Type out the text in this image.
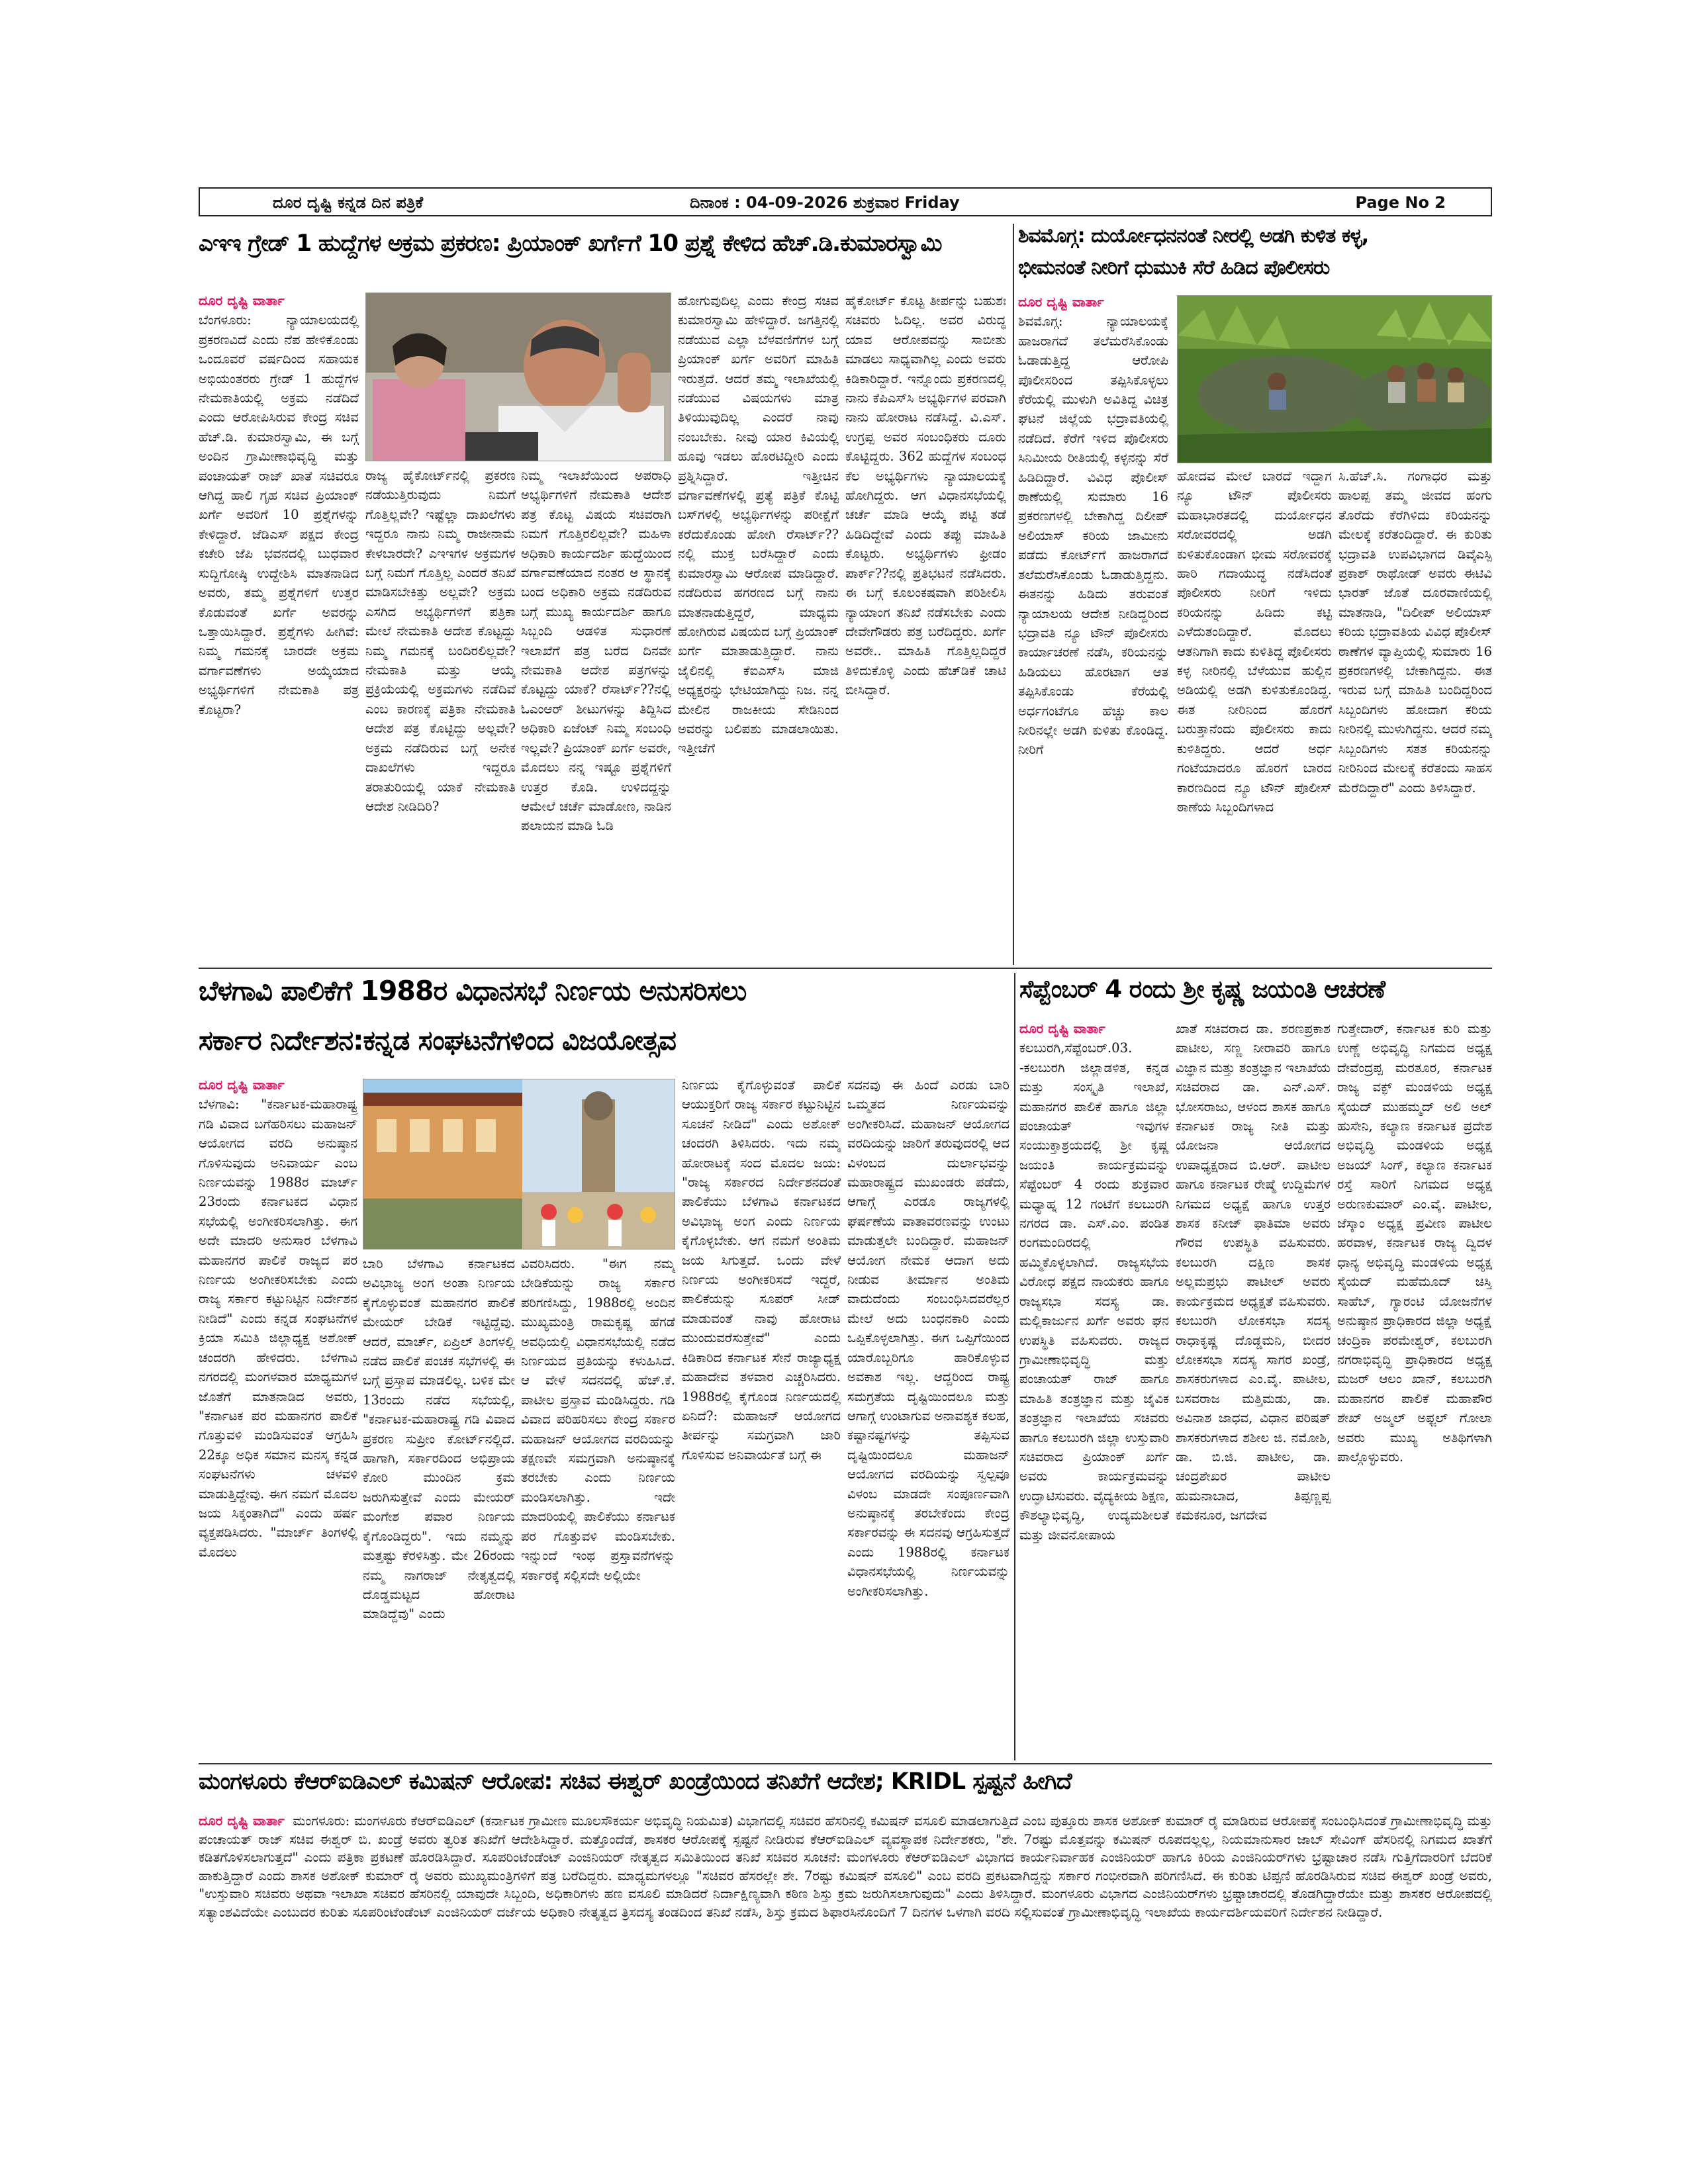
ದೂರ ದೃಷ್ಟಿ ಕನ್ನಡ ದಿನ ಪತ್ರಿಕೆ	ದಿನಾಂಕ : 04-09-2026 ಶುಕ್ರವಾರ Friday	Page No 2
ಎಇಇ ಗ್ರೇಡ್ 1 ಹುದ್ದೆಗಳ ಅಕ್ರಮ ಪ್ರಕರಣ: ಪ್ರಿಯಾಂಕ್ ಖರ್ಗೆಗೆ 10 ಪ್ರಶ್ನೆ ಕೇಳಿದ ಹೆಚ್.ಡಿ.ಕುಮಾರಸ್ವಾಮಿ
ದೂರ ದೃಷ್ಟಿ ವಾರ್ತಾ
ಬೆಂಗಳೂರು: ನ್ಯಾಯಾಲಯದಲ್ಲಿ ಪ್ರಕರಣವಿದೆ ಎಂದು ನೆಪ ಹೇಳಿಕೊಂಡು ಒಂದೂವರೆ ವರ್ಷದಿಂದ ಸಹಾಯಕ ಅಭಿಯಂತರರು ಗ್ರೇಡ್ 1 ಹುದ್ದೆಗಳ ನೇಮಕಾತಿಯಲ್ಲಿ ಅಕ್ರಮ ನಡೆದಿದೆ ಎಂದು ಆರೋಪಿಸಿರುವ ಕೇಂದ್ರ ಸಚಿವ ಹೆಚ್.ಡಿ. ಕುಮಾರಸ್ವಾಮಿ, ಈ ಬಗ್ಗೆ ಅಂದಿನ ಗ್ರಾಮೀಣಾಭಿವೃದ್ಧಿ ಮತ್ತು ಪಂಚಾಯತ್ ರಾಜ್ ಖಾತೆ ಸಚಿವರೂ ಆಗಿದ್ದ ಹಾಲಿ ಗೃಹ ಸಚಿವ ಪ್ರಿಯಾಂಕ್ ಖರ್ಗೆ ಅವರಿಗೆ 10 ಪ್ರಶ್ನೆಗಳನ್ನು ಕೇಳಿದ್ದಾರೆ. ಜೆಡಿಎಸ್ ಪಕ್ಷದ ಕೇಂದ್ರ ಕಚೇರಿ ಜೆಪಿ ಭವನದಲ್ಲಿ ಬುಧವಾರ ಸುದ್ದಿಗೋಷ್ಠಿ ಉದ್ದೇಶಿಸಿ ಮಾತನಾಡಿದ ಅವರು, ತಮ್ಮ ಪ್ರಶ್ನೆಗಳಿಗೆ ಉತ್ತರ ಕೊಡುವಂತೆ ಖರ್ಗೆ ಅವರನ್ನು ಒತ್ತಾಯಿಸಿದ್ದಾರೆ. ಪ್ರಶ್ನೆಗಳು ಹೀಗಿವೆ: ನಿಮ್ಮ ಗಮನಕ್ಕೆ ಬಾರದೇ ಅಕ್ರಮ ವರ್ಗಾವಣೆಗಳು ಅಯ್ಕೆಯಾದ ಅಭ್ಯರ್ಥಿಗಳಿಗೆ ನೇಮಕಾತಿ ಪತ್ರ ಕೊಟ್ಟರಾ?
ರಾಜ್ಯ ಹೈಕೋರ್ಟ್‌ನಲ್ಲಿ ಪ್ರಕರಣ ನಡೆಯುತ್ತಿರುವುದು ನಿಮಗೆ ಗೊತ್ತಿಲ್ಲವೇ? ಇಷ್ಟೆಲ್ಲಾ ದಾಖಲೆಗಳು ಇದ್ದರೂ ನಾನು ನಿಮ್ಮ ರಾಜೀನಾಮೆ ಕೇಳಬಾರದೇ? ಎಇಇಗಳ ಅಕ್ರಮಗಳ ಬಗ್ಗೆ ನಿಮಗೆ ಗೊತ್ತಿಲ್ಲ ಎಂದರೆ ತನಿಖೆ ಮಾಡಿಸಬೇಕಿತ್ತು ಅಲ್ಲವೇ? ಅಕ್ರಮ ಎಸಗಿದ ಅಭ್ಯರ್ಥಿಗಳಿಗೆ ಪತ್ರಿಕಾ ಮೇಲೆ ನೇಮಕಾತಿ ಆದೇಶ ಕೊಟ್ಟದ್ದು ನಿಮ್ಮ ಗಮನಕ್ಕೆ ಬಂದಿರಲಿಲ್ಲವೇ? ನೇಮಕಾತಿ ಮತ್ತು ಆಯ್ಕೆ ಪ್ರಕ್ರಿಯೆಯಲ್ಲಿ ಅಕ್ರಮಗಳು ನಡೆದಿವೆ ಎಂಬ ಕಾರಣಕ್ಕೆ ಪತ್ರಿಕಾ ನೇಮಕಾತಿ ಆದೇಶ ಪತ್ರ ಕೊಟ್ಟಿದ್ದು ಅಲ್ಲವೇ? ಅಕ್ರಮ ನಡೆದಿರುವ ಬಗ್ಗೆ ಅನೇಕ ದಾಖಲೆಗಳು ಇದ್ದರೂ ತರಾತುರಿಯಲ್ಲಿ ಯಾಕೆ ನೇಮಕಾತಿ ಆದೇಶ ನೀಡಿದಿರಿ?
ನಿಮ್ಮ ಇಲಾಖೆಯಿಂದ ಅಪರಾಧಿ ಅಭ್ಯರ್ಥಿಗಳಿಗೆ ನೇಮಕಾತಿ ಆದೇಶ ಪತ್ರ ಕೊಟ್ಟ ವಿಷಯ ಸಚಿವರಾಗಿ ನಿಮಗೆ ಗೊತ್ತಿರಲಿಲ್ಲವೇ? ಮಹಿಳಾ ಅಧಿಕಾರಿ ಕಾರ್ಯದರ್ಶಿ ಹುದ್ದೆಯಿಂದ ವರ್ಗಾವಣೆಯಾದ ನಂತರ ಆ ಸ್ಥಾನಕ್ಕೆ ಬಂದ ಅಧಿಕಾರಿ ಅಕ್ರಮ ನಡೆದಿರುವ ಬಗ್ಗೆ ಮುಖ್ಯ ಕಾರ್ಯದರ್ಶಿ ಹಾಗೂ ಸಿಬ್ಬಂದಿ ಆಡಳಿತ ಸುಧಾರಣೆ ಇಲಾಖೆಗೆ ಪತ್ರ ಬರೆದ ದಿನವೇ ನೇಮಕಾತಿ ಆದೇಶ ಪತ್ರಗಳನ್ನು ಕೊಟ್ಟದ್ದು ಯಾಕೆ? ರೆಸಾರ್ಟ್??ನಲ್ಲಿ ಓಎಂಆರ್ ಶೀಟುಗಳನ್ನು ತಿದ್ದಿಸಿದ ಅಧಿಕಾರಿ ಏಜೆಂಟ್ ನಿಮ್ಮ ಸಂಬಂಧಿ ಇಲ್ಲವೇ? ಪ್ರಿಯಾಂಕ್ ಖರ್ಗೆ ಅವರೇ, ಮೊದಲು ನನ್ನ ಇಷ್ಟೂ ಪ್ರಶ್ನೆಗಳಿಗೆ ಉತ್ತರ ಕೊಡಿ. ಉಳಿದದ್ದನ್ನು ಆಮೇಲೆ ಚರ್ಚೆ ಮಾಡೋಣ, ನಾಡಿನ ಪಲಾಯನ ಮಾಡಿ ಓಡಿ
ಹೋಗುವುದಿಲ್ಲ ಎಂದು ಕೇಂದ್ರ ಸಚಿವ ಕುಮಾರಸ್ವಾಮಿ ಹೇಳಿದ್ದಾರೆ. ಜಗತ್ತಿನಲ್ಲಿ ನಡೆಯುವ ಎಲ್ಲಾ ಬೆಳವಣಿಗೆಗಳ ಬಗ್ಗೆ ಪ್ರಿಯಾಂಕ್ ಖರ್ಗೆ ಅವರಿಗೆ ಮಾಹಿತಿ ಇರುತ್ತದೆ. ಆದರೆ ತಮ್ಮ ಇಲಾಖೆಯಲ್ಲಿ ನಡೆಯುವ ವಿಷಯಗಳು ಮಾತ್ರ ತಿಳಿಯುವುದಿಲ್ಲ ಎಂದರೆ ನಾವು ನಂಬಬೇಕು. ನೀವು ಯಾರ ಕಿವಿಯಲ್ಲಿ ಹೂವು ಇಡಲು ಹೊರಟಿದ್ದೀರಿ ಎಂದು ಪ್ರಶ್ನಿಸಿದ್ದಾರೆ. ಇತ್ತೀಚಿನ ವರ್ಗಾವಣೆಗಳಲ್ಲಿ ಪ್ರತ್ಯೆ ಪತ್ರಿಕೆ ಕೊಟ್ಟಿ ಬಸ್‌ಗಳಲ್ಲಿ ಅಭ್ಯರ್ಥಿಗಳನ್ನು ಪರೀಕ್ಷೆಗೆ ಕರೆದುಕೊಂಡು ಹೋಗಿ ರೆಸಾರ್ಟ್??ನಲ್ಲಿ ಮುಕ್ತ ಬರೆಸಿದ್ದಾರೆ ಎಂದು ಕುಮಾರಸ್ವಾಮಿ ಆರೋಪ ಮಾಡಿದ್ದಾರೆ. ನಡೆದಿರುವ ಹಗರಣದ ಬಗ್ಗೆ ನಾನು ಮಾತನಾಡುತ್ತಿದ್ದರೆ, ಮಾಧ್ಯಮ ಹೋಗಿರುವ ವಿಷಯದ ಬಗ್ಗೆ ಪ್ರಿಯಾಂಕ್ ಖರ್ಗೆ ಮಾತಾಡುತ್ತಿದ್ದಾರೆ. ನಾನು ಜೈಲಿನಲ್ಲಿ ಕೆಐಎಸ್‌ಸಿ ಮಾಜಿ ಅಧ್ಯಕ್ಷರನ್ನು ಭೇಟಿಯಾಗಿದ್ದು ನಿಜ. ನನ್ನ ಮೇಲಿನ ರಾಜಕೀಯ ಸೇಡಿನಿಂದ ಅವರನ್ನು ಬಲಿಪಶು ಮಾಡಲಾಯಿತು. ಇತ್ತೀಚೆಗೆ
ಹೈಕೋರ್ಟ್ ಕೊಟ್ಟ ತೀರ್ಪನ್ನು ಬಹುಶಃ ಸಚಿವರು ಓದಿಲ್ಲ. ಅವರ ವಿರುದ್ಧ ಯಾವ ಆರೋಪವನ್ನು ಸಾಬೀತು ಮಾಡಲು ಸಾಧ್ಯವಾಗಿಲ್ಲ ಎಂದು ಅವರು ಕಿಡಿಕಾರಿದ್ದಾರೆ. ಇನ್ನೊಂದು ಪ್ರಕರಣದಲ್ಲಿ ನಾನು ಕೆಪಿಎಸ್‌ಸಿ ಅಭ್ಯರ್ಥಿಗಳ ಪರವಾಗಿ ನಾನು ಹೋರಾಟ ನಡೆಸಿದ್ದೆ. ವಿ.ಎಸ್. ಉಗ್ರಪ್ಪ ಅವರ ಸಂಬಂಧಿಕರು ದೂರು ಕೊಟ್ಟಿದ್ದರು. 362 ಹುದ್ದೆಗಳ ಸಂಬಂಧ ಕೆಲ ಅಭ್ಯರ್ಥಿಗಳು ನ್ಯಾಯಾಲಯಕ್ಕೆ ಹೋಗಿದ್ದರು. ಆಗ ವಿಧಾನಸಭೆಯಲ್ಲಿ ಚರ್ಚೆ ಮಾಡಿ ಆಯ್ಕೆ ಪಟ್ಟಿ ತಡೆ ಹಿಡಿದಿದ್ದೇವೆ ಎಂದು ತಪ್ಪು ಮಾಹಿತಿ ಕೊಟ್ಟರು. ಅಭ್ಯರ್ಥಿಗಳು ಫ್ರೀಡಂ ಪಾರ್ಕ್??ನಲ್ಲಿ ಪ್ರತಿಭಟನೆ ನಡೆಸಿದರು. ಈ ಬಗ್ಗೆ ಕೂಲಂಕಷವಾಗಿ ಪರಿಶೀಲಿಸಿ ನ್ಯಾಯಾಂಗ ತನಿಖೆ ನಡೆಸಬೇಕು ಎಂದು ದೇವೇಗೌಡರು ಪತ್ರ ಬರೆದಿದ್ದರು. ಖರ್ಗೆ ಅವರೇ.. ಮಾಹಿತಿ ಗೊತ್ತಿಲ್ಲದಿದ್ದರೆ ತಿಳಿದುಕೊಳ್ಳಿ ಎಂದು ಹೆಚ್‌ಡಿಕೆ ಚಾಟಿ ಬೀಸಿದ್ದಾರೆ.
ಶಿವಮೊಗ್ಗ: ದುರ್ಯೋಧನನಂತೆ ನೀರಲ್ಲಿ ಅಡಗಿ ಕುಳಿತ ಕಳ್ಳ,
ಭೀಮನಂತೆ ನೀರಿಗೆ ಧುಮುಕಿ ಸೆರೆ ಹಿಡಿದ ಪೊಲೀಸರು
ದೂರ ದೃಷ್ಟಿ ವಾರ್ತಾ
ಶಿವಮೊಗ್ಗ: ನ್ಯಾಯಾಲಯಕ್ಕೆ ಹಾಜರಾಗದೆ ತಲೆಮರೆಸಿಕೊಂಡು ಓಡಾಡುತ್ತಿದ್ದ ಆರೋಪಿ ಪೊಲೀಸರಿಂದ ತಪ್ಪಿಸಿಕೊಳ್ಳಲು ಕೆರೆಯಲ್ಲಿ ಮುಳುಗಿ ಅವಿತಿದ್ದ ವಿಚಿತ್ರ ಘಟನೆ ಜಿಲ್ಲೆಯ ಭದ್ರಾವತಿಯಲ್ಲಿ ನಡೆದಿದೆ. ಕೆರೆಗೆ ಇಳಿದ ಪೊಲೀಸರು ಸಿನಿಮೀಯ ರೀತಿಯಲ್ಲಿ ಕಳ್ಳನನ್ನು ಸೆರೆ ಹಿಡಿದಿದ್ದಾರೆ. ವಿವಿಧ ಪೊಲೀಸ್ ಠಾಣೆಯಲ್ಲಿ ಸುಮಾರು 16 ಪ್ರಕರಣಗಳಲ್ಲಿ ಬೇಕಾಗಿದ್ದ ದಿಲೀಪ್ ಅಲಿಯಾಸ್ ಕರಿಯ ಜಾಮೀನು ಪಡೆದು ಕೋರ್ಟ್‌ಗೆ ಹಾಜರಾಗದೆ ತಲೆಮರೆಸಿಕೊಂಡು ಓಡಾಡುತ್ತಿದ್ದನು. ಈತನನ್ನು ಹಿಡಿದು ತರುವಂತೆ ನ್ಯಾಯಾಲಯ ಆದೇಶ ನೀಡಿದ್ದರಿಂದ ಭದ್ರಾವತಿ ನ್ಯೂ ಟೌನ್ ಪೊಲೀಸರು ಕಾರ್ಯಾಚರಣೆ ನಡೆಸಿ, ಕರಿಯನನ್ನು ಹಿಡಿಯಲು ಹೊರಟಾಗ ಆತ ತಪ್ಪಿಸಿಕೊಂಡು ಕೆರೆಯಲ್ಲಿ ಅರ್ಧಗಂಟೆಗೂ ಹೆಚ್ಚು ಕಾಲ ನೀರಿನಲ್ಲೇ ಅಡಗಿ ಕುಳಿತು ಕೊಂಡಿದ್ದ. ನೀರಿಗೆ
ಹೋದವ ಮೇಲೆ ಬಾರದೆ ಇದ್ದಾಗ ನ್ಯೂ ಟೌನ್ ಪೊಲೀಸರು ಮಹಾಭಾರತದಲ್ಲಿ ದುರ್ಯೋಧನ ಸರೋವರದಲ್ಲಿ ಅಡಗಿ ಕುಳಿತುಕೊಂಡಾಗ ಭೀಮ ಸರೋವರಕ್ಕೆ ಹಾರಿ ಗದಾಯುದ್ಧ ನಡೆಸಿದಂತೆ ಪೊಲೀಸರು ನೀರಿಗೆ ಇಳಿದು ಕರಿಯನನ್ನು ಹಿಡಿದು ಕಟ್ಟಿ ಎಳೆದುತಂದಿದ್ದಾರೆ. ಮೊದಲು ಆತನಿಗಾಗಿ ಕಾದು ಕುಳಿತಿದ್ದ ಪೊಲೀಸರು ಕಳ್ಳ ನೀರಿನಲ್ಲಿ ಬೆಳೆಯುವ ಹುಲ್ಲಿನ ಅಡಿಯಲ್ಲಿ ಅಡಗಿ ಕುಳಿತುಕೊಂಡಿದ್ದ. ಈತ ನೀರಿನಿಂದ ಹೊರಗೆ ಬರುತ್ತಾನೆಂದು ಪೊಲೀಸರು ಕಾದು ಕುಳಿತಿದ್ದರು. ಆದರೆ ಅರ್ಧ ಗಂಟೆಯಾದರೂ ಹೊರಗೆ ಬಾರದ ಕಾರಣದಿಂದ ನ್ಯೂ ಟೌನ್ ಪೊಲೀಸ್ ಠಾಣೆಯ ಸಿಬ್ಬಂದಿಗಳಾದ
ಸಿ.ಹೆಚ್.ಸಿ. ಗಂಗಾಧರ ಮತ್ತು ಹಾಲಪ್ಪ ತಮ್ಮ ಜೀವದ ಹಂಗು ತೊರೆದು ಕೆರೆಗಿಳಿದು ಕರಿಯನನ್ನು ಮೇಲಕ್ಕೆ ಕರೆತಂದಿದ್ದಾರೆ. ಈ ಕುರಿತು ಭದ್ರಾವತಿ ಉಪವಿಭಾಗದ ಡಿವೈಎಸ್ಪಿ ಪ್ರಕಾಶ್ ರಾಥೋಡ್ ಅವರು ಈಟಿವಿ ಭಾರತ್ ಜೊತೆ ದೂರವಾಣಿಯಲ್ಲಿ ಮಾತನಾಡಿ, "ದಿಲೀಪ್ ಅಲಿಯಾಸ್ ಕರಿಯ ಭದ್ರಾವತಿಯ ವಿವಿಧ ಪೊಲೀಸ್ ಠಾಣೆಗಳ ವ್ಯಾಪ್ತಿಯಲ್ಲಿ ಸುಮಾರು 16 ಪ್ರಕರಣಗಳಲ್ಲಿ ಬೇಕಾಗಿದ್ದನು. ಈತ ಇರುವ ಬಗ್ಗೆ ಮಾಹಿತಿ ಬಂದಿದ್ದರಿಂದ ಸಿಬ್ಬಂದಿಗಳು ಹೋದಾಗ ಕರಿಯ ನೀರಿನಲ್ಲಿ ಮುಳುಗಿದ್ದನು. ಆದರೆ ನಮ್ಮ ಸಿಬ್ಬಂದಿಗಳು ಸತತ ಕರಿಯನನ್ನು ನೀರಿನಿಂದ ಮೇಲಕ್ಕೆ ಕರೆತಂದು ಸಾಹಸ ಮೆರೆದಿದ್ದಾರೆ" ಎಂದು ತಿಳಿಸಿದ್ದಾರೆ.
ಬೆಳಗಾವಿ ಪಾಲಿಕೆಗೆ 1988ರ ವಿಧಾನಸಭೆ ನಿರ್ಣಯ ಅನುಸರಿಸಲು
ಸರ್ಕಾರ ನಿರ್ದೇಶನ:ಕನ್ನಡ ಸಂಘಟನೆಗಳಿಂದ ವಿಜಯೋತ್ಸವ
ದೂರ ದೃಷ್ಟಿ ವಾರ್ತಾ
ಬೆಳಗಾವಿ: "ಕರ್ನಾಟಕ-ಮಹಾರಾಷ್ಟ್ರ ಗಡಿ ವಿವಾದ ಬಗೆಹರಿಸಲು ಮಹಾಜನ್ ಆಯೋಗದ ವರದಿ ಅನುಷ್ಠಾನ ಗೊಳಿಸುವುದು ಅನಿವಾರ್ಯ ಎಂಬ ನಿರ್ಣಯವನ್ನು 1988ರ ಮಾರ್ಚ್ 23ರಂದು ಕರ್ನಾಟಕದ ವಿಧಾನ ಸಭೆಯಲ್ಲಿ ಅಂಗೀಕರಿಸಲಾಗಿತ್ತು. ಈಗ ಅದೇ ಮಾದರಿ ಅನುಸಾರ ಬೆಳಗಾವಿ ಮಹಾನಗರ ಪಾಲಿಕೆ ರಾಜ್ಯದ ಪರ ನಿರ್ಣಯ ಅಂಗೀಕರಿಸಬೇಕು ಎಂದು ರಾಜ್ಯ ಸರ್ಕಾರ ಕಟ್ಟುನಿಟ್ಟಿನ ನಿರ್ದೇಶನ ನೀಡಿದೆ" ಎಂದು ಕನ್ನಡ ಸಂಘಟನೆಗಳ ಕ್ರಿಯಾ ಸಮಿತಿ ಜಿಲ್ಲಾಧ್ಯಕ್ಷ ಅಶೋಕ್ ಚಂದರಗಿ ಹೇಳಿದರು. ಬೆಳಗಾವಿ ನಗರದಲ್ಲಿ ಮಂಗಳವಾರ ಮಾಧ್ಯಮಗಳ ಜೊತೆಗೆ ಮಾತನಾಡಿದ ಅವರು, "ಕರ್ನಾಟಕ ಪರ ಮಹಾನಗರ ಪಾಲಿಕೆ ಗೊತ್ತುವಳಿ ಮಂಡಿಸುವಂತೆ ಆಗ್ರಹಿಸಿ 22ಕ್ಕೂ ಅಧಿಕ ಸಮಾನ ಮನಸ್ಕ ಕನ್ನಡ ಸಂಘಟನೆಗಳು ಚಳವಳಿ ಮಾಡುತ್ತಿದ್ದೇವು. ಈಗ ನಮಗೆ ಮೊದಲ ಜಯ ಸಿಕ್ಕಂತಾಗಿದೆ" ಎಂದು ಹರ್ಷ ವ್ಯಕ್ತಪಡಿಸಿದರು. "ಮಾರ್ಚ್ ತಿಂಗಳಲ್ಲಿ ಮೊದಲು
ಬಾರಿ ಬೆಳಗಾವಿ ಕರ್ನಾಟಕದ ಅವಿಭಾಜ್ಯ ಅಂಗ ಅಂತಾ ನಿರ್ಣಯ ಕೈಗೊಳ್ಳುವಂತೆ ಮಹಾನಗರ ಪಾಲಿಕೆ ಮೇಯರ್ ಬೇಡಿಕೆ ಇಟ್ಟಿದ್ದೆವು. ಆದರೆ, ಮಾರ್ಚ್, ಏಪ್ರಿಲ್ ತಿಂಗಳಲ್ಲಿ ನಡೆದ ಪಾಲಿಕೆ ಪಂಚಕ ಸಭೆಗಳಲ್ಲಿ ಈ ಬಗ್ಗೆ ಪ್ರಸ್ತಾಪ ಮಾಡಲಿಲ್ಲ. ಬಳಿಕ ಮೇ 13ರಂದು ನಡೆದ ಸಭೆಯಲ್ಲಿ, "ಕರ್ನಾಟಕ-ಮಹಾರಾಷ್ಟ್ರ ಗಡಿ ವಿವಾದ ಪ್ರಕರಣ ಸುಪ್ರೀಂ ಕೋರ್ಟ್‌ನಲ್ಲಿದೆ. ಹಾಗಾಗಿ, ಸರ್ಕಾರದಿಂದ ಅಭಿಪ್ರಾಯ ಕೋರಿ ಮುಂದಿನ ಕ್ರಮ ಜರುಗಿಸುತ್ತೇವೆ ಎಂದು ಮೇಯರ್ ಮಂಗೇಶ ಪವಾರ ನಿರ್ಣಯ ಕೈಗೊಂಡಿದ್ದರು". ಇದು ನಮ್ಮನ್ನು ಮತ್ತಷ್ಟು ಕೆರಳಿಸಿತ್ತು. ಮೇ 26ರಂದು ನಮ್ಮ ನಾಗರಾಜ್ ನೇತೃತ್ವದಲ್ಲಿ ದೊಡ್ಡಮಟ್ಟದ ಹೋರಾಟ ಮಾಡಿದ್ದೆವು" ಎಂದು
ವಿವರಿಸಿದರು. "ಈಗ ನಮ್ಮ ಬೇಡಿಕೆಯನ್ನು ರಾಜ್ಯ ಸರ್ಕಾರ ಪರಿಗಣಿಸಿದ್ದು, 1988ರಲ್ಲಿ ಅಂದಿನ ಮುಖ್ಯಮಂತ್ರಿ ರಾಮಕೃಷ್ಣ ಹೆಗಡೆ ಅವಧಿಯಲ್ಲಿ ವಿಧಾನಸಭೆಯಲ್ಲಿ ನಡೆದ ನಿರ್ಣಯದ ಪ್ರತಿಯನ್ನು ಕಳುಹಿಸಿದೆ. ಆ ವೇಳೆ ಸದನದಲ್ಲಿ ಹೆಚ್.ಕೆ. ಪಾಟೀಲ ಪ್ರಸ್ತಾವ ಮಂಡಿಸಿದ್ದರು. ಗಡಿ ವಿವಾದ ಪರಿಹರಿಸಲು ಕೇಂದ್ರ ಸರ್ಕಾರ ಮಹಾಜನ್ ಆಯೋಗದ ವರದಿಯನ್ನು ತಕ್ಷಣವೇ ಸಮಗ್ರವಾಗಿ ಅನುಷ್ಠಾನಕ್ಕೆ ತರಬೇಕು ಎಂದು ನಿರ್ಣಯ ಮಂಡಿಸಲಾಗಿತ್ತು. ಇದೇ ಮಾದರಿಯಲ್ಲಿ ಪಾಲಿಕೆಯು ಕರ್ನಾಟಕ ಪರ ಗೊತ್ತುವಳಿ ಮಂಡಿಸಬೇಕು. ಇನ್ನುಂದೆ ಇಂಥ ಪ್ರಸ್ತಾವನೆಗಳನ್ನು ಸರ್ಕಾರಕ್ಕೆ ಸಲ್ಲಿಸದೇ ಅಲ್ಲಿಯೇ
ನಿರ್ಣಯ ಕೈಗೊಳ್ಳುವಂತೆ ಪಾಲಿಕೆ ಆಯುಕ್ತರಿಗೆ ರಾಜ್ಯ ಸರ್ಕಾರ ಕಟ್ಟುನಿಟ್ಟಿನ ಸೂಚನೆ ನೀಡಿದೆ" ಎಂದು ಅಶೋಕ್ ಚಂದರಗಿ ತಿಳಿಸಿದರು. ಇದು ನಮ್ಮ ಹೋರಾಟಕ್ಕೆ ಸಂದ ಮೊದಲ ಜಯ: "ರಾಜ್ಯ ಸರ್ಕಾರದ ನಿರ್ದೇಶನದಂತೆ ಪಾಲಿಕೆಯು ಬೆಳಗಾವಿ ಕರ್ನಾಟಕದ ಅವಿಭಾಜ್ಯ ಅಂಗ ಎಂದು ನಿರ್ಣಯ ಕೈಗೊಳ್ಳಬೇಕು. ಆಗ ನಮಗೆ ಅಂತಿಮ ಜಯ ಸಿಗುತ್ತದೆ. ಒಂದು ವೇಳೆ ನಿರ್ಣಯ ಅಂಗೀಕರಿಸದೆ ಇದ್ದರೆ, ಪಾಲಿಕೆಯನ್ನು ಸೂಪರ್ ಸೀಡ್ ಮಾಡುವಂತೆ ನಾವು ಹೋರಾಟ ಮುಂದುವರೆಸುತ್ತೇವೆ" ಎಂದು ಕಿಡಿಕಾರಿದ ಕರ್ನಾಟಕ ಸೇನೆ ರಾಜ್ಯಾಧ್ಯಕ್ಷ ಮಹಾದೇವ ತಳವಾರ ಎಚ್ಚರಿಸಿದರು. 1988ರಲ್ಲಿ ಕೈಗೊಂಡ ನಿರ್ಣಯದಲ್ಲಿ ಏನಿದೆ?: ಮಹಾಜನ್ ಆಯೋಗದ ತೀರ್ಪನ್ನು ಸಮಗ್ರವಾಗಿ ಜಾರಿ ಗೊಳಿಸುವ ಅನಿವಾರ್ಯತೆ ಬಗ್ಗೆ ಈ
ಸದನವು ಈ ಹಿಂದೆ ಎರಡು ಬಾರಿ ಒಮ್ಮತದ ನಿರ್ಣಯವನ್ನು ಅಂಗೀಕರಿಸಿದೆ. ಮಹಾಜನ್ ಆಯೋಗದ ವರದಿಯನ್ನು ಜಾರಿಗೆ ತರುವುದರಲ್ಲಿ ಆದ ವಿಳಂಬದ ದುರ್ಲಾಭವನ್ನು ಮಹಾರಾಷ್ಟ್ರದ ಮುಖಂಡರು ಪಡೆದು, ಆಗಾಗ್ಗೆ ಎರಡೂ ರಾಜ್ಯಗಳಲ್ಲಿ ಘರ್ಷಣೆಯ ವಾತಾವರಣವನ್ನು ಉಂಟು ಮಾಡುತ್ತಲೇ ಬಂದಿದ್ದಾರೆ. ಮಹಾಜನ್ ಆಯೋಗ ನೇಮಕ ಆದಾಗ ಅದು ನೀಡುವ ತೀರ್ಮಾನ ಅಂತಿಮ ವಾದುದೆಂದು ಸಂಬಂಧಿಸಿದವರೆಲ್ಲರ ಮೇಲೆ ಅದು ಬಂಧನಕಾರಿ ಎಂದು ಒಪ್ಪಿಕೊಳ್ಳಲಾಗಿತ್ತು. ಈಗ ಒಪ್ಪಿಗೆಯಿಂದ ಯಾರೊಬ್ಬರಿಗೂ ಹಾರಿಕೊಳ್ಳುವ ಅವಕಾಶ ಇಲ್ಲ. ಆದ್ದರಿಂದ ರಾಷ್ಟ್ರ ಸಮಗ್ರತೆಯ ದೃಷ್ಟಿಯಿಂದಲೂ ಮತ್ತು ಆಗಾಗ್ಗೆ ಉಂಟಾಗುವ ಅನಾವಶ್ಯಕ ಕಲಹ, ಕಷ್ಟಾನಷ್ಟಗಳನ್ನು ತಪ್ಪಿಸುವ ದೃಷ್ಟಿಯಿಂದಲೂ ಮಹಾಜನ್ ಆಯೋಗದ ವರದಿಯನ್ನು ಸ್ವಲ್ಪವೂ ವಿಳಂಬ ಮಾಡದೇ ಸಂಪೂರ್ಣವಾಗಿ ಅನುಷ್ಠಾನಕ್ಕೆ ತರಬೇಕೆಂದು ಕೇಂದ್ರ ಸರ್ಕಾರವನ್ನು ಈ ಸದನವು ಆಗ್ರಹಿಸುತ್ತದೆ ಎಂದು 1988ರಲ್ಲಿ ಕರ್ನಾಟಕ ವಿಧಾನಸಭೆಯಲ್ಲಿ ನಿರ್ಣಯವನ್ನು ಅಂಗೀಕರಿಸಲಾಗಿತ್ತು.
ಸೆಪ್ಟೆಂಬರ್ 4 ರಂದು ಶ್ರೀ ಕೃಷ್ಣ ಜಯಂತಿ ಆಚರಣೆ
ದೂರ ದೃಷ್ಟಿ ವಾರ್ತಾ
ಕಲಬುರಗಿ,ಸೆಪ್ಟೆಂಬರ್.03. -ಕಲಬುರಗಿ ಜಿಲ್ಲಾಡಳಿತ, ಕನ್ನಡ ಮತ್ತು ಸಂಸ್ಕೃತಿ ಇಲಾಖೆ, ಮಹಾನಗರ ಪಾಲಿಕೆ ಹಾಗೂ ಜಿಲ್ಲಾ ಪಂಚಾಯತ್ ಇವುಗಳ ಸಂಯುಕ್ತಾಶ್ರಯದಲ್ಲಿ ಶ್ರೀ ಕೃಷ್ಣ ಜಯಂತಿ ಕಾರ್ಯಕ್ರಮವನ್ನು ಸೆಪ್ಟೆಂಬರ್ 4 ರಂದು ಶುಕ್ರವಾರ ಮಧ್ಯಾಹ್ನ 12 ಗಂಟೆಗೆ ಕಲಬುರಗಿ ನಗರದ ಡಾ. ಎಸ್.ಎಂ. ಪಂಡಿತ ರಂಗಮಂದಿರದಲ್ಲಿ ಹಮ್ಮಿಕೊಳ್ಳಲಾಗಿದೆ. ರಾಜ್ಯಸಭೆಯ ವಿರೋಧ ಪಕ್ಷದ ನಾಯಕರು ಹಾಗೂ ರಾಜ್ಯಸಭಾ ಸದಸ್ಯ ಡಾ. ಮಲ್ಲಿಕಾರ್ಜುನ ಖರ್ಗೆ ಅವರು ಘನ ಉಪಸ್ಥಿತಿ ವಹಿಸುವರು. ರಾಜ್ಯದ ಗ್ರಾಮೀಣಾಭಿವೃದ್ಧಿ ಮತ್ತು ಪಂಚಾಯತ್ ರಾಜ್ ಹಾಗೂ ಮಾಹಿತಿ ತಂತ್ರಜ್ಞಾನ ಮತ್ತು ಜೈವಿಕ ತಂತ್ರಜ್ಞಾನ ಇಲಾಖೆಯ ಸಚಿವರು ಹಾಗೂ ಕಲಬುರಗಿ ಜಿಲ್ಲಾ ಉಸ್ತುವಾರಿ ಸಚಿವರಾದ ಪ್ರಿಯಾಂಕ್ ಖರ್ಗೆ ಅವರು ಕಾರ್ಯಕ್ರಮವನ್ನು ಉದ್ಘಾಟಿಸುವರು. ವೈದ್ಯಕೀಯ ಶಿಕ್ಷಣ, ಕೌಶಲ್ಯಾಭಿವೃದ್ಧಿ, ಉದ್ಯಮಶೀಲತೆ ಮತ್ತು ಜೀವನೋಪಾಯ
ಖಾತೆ ಸಚಿವರಾದ ಡಾ. ಶರಣಪ್ರಕಾಶ ಪಾಟೀಲ, ಸಣ್ಣ ನೀರಾವರಿ ಹಾಗೂ ವಿಜ್ಞಾನ ಮತ್ತು ತಂತ್ರಜ್ಞಾನ ಇಲಾಖೆಯ ಸಚಿವರಾದ ಡಾ. ಎನ್.ಎಸ್. ಭೋಸರಾಜು, ಆಳಂದ ಶಾಸಕ ಹಾಗೂ ಕರ್ನಾಟಕ ರಾಜ್ಯ ನೀತಿ ಮತ್ತು ಯೋಜನಾ ಆಯೋಗದ ಉಪಾಧ್ಯಕ್ಷರಾದ ಬಿ.ಆರ್. ಪಾಟೀಲ ಹಾಗೂ ಕರ್ನಾಟಕ ರೇಷ್ಮೆ ಉದ್ದಿಮೆಗಳ ನಿಗಮದ ಅಧ್ಯಕ್ಷೆ ಹಾಗೂ ಉತ್ತರ ಶಾಸಕ ಕನೀಜ್ ಫಾತಿಮಾ ಅವರು ಗೌರವ ಉಪಸ್ಥಿತಿ ವಹಿಸುವರು. ಕಲಬುರಗಿ ದಕ್ಷಿಣ ಶಾಸಕ ಅಲ್ಲಮಪ್ರಭು ಪಾಟೀಲ್ ಅವರು ಕಾರ್ಯಕ್ರಮದ ಅಧ್ಯಕ್ಷತೆ ವಹಿಸುವರು. ಕಲಬುರಗಿ ಲೋಕಸಭಾ ಸದಸ್ಯ ರಾಧಾಕೃಷ್ಣ ದೊಡ್ಡಮನಿ, ಬೀದರ ಲೋಕಸಭಾ ಸದಸ್ಯ ಸಾಗರ ಖಂಡ್ರೆ, ಶಾಸಕರುಗಳಾದ ಎಂ.ವೈ. ಪಾಟೀಲ, ಬಸವರಾಜ ಮತ್ತಿಮಡು, ಡಾ. ಅವಿನಾಶ ಜಾಧವ, ವಿಧಾನ ಪರಿಷತ್ ಶಾಸಕರುಗಳಾದ ಶಶೀಲ ಜಿ. ನಮೋಶಿ, ಡಾ. ಬಿ.ಜಿ. ಪಾಟೀಲ, ಡಾ. ಚಂದ್ರಶೇಖರ ಪಾಟೀಲ ಹುಮನಾಬಾದ, ತಿಪ್ಪಣ್ಣಪ್ಪ ಕಮಕನೂರ, ಜಗದೇವ
ಗುತ್ತೇದಾರ್, ಕರ್ನಾಟಕ ಕುರಿ ಮತ್ತು ಉಣ್ಣೆ ಅಭಿವೃದ್ಧಿ ನಿಗಮದ ಅಧ್ಯಕ್ಷ ದೇವೆಂದ್ರಪ್ಪ ಮರತೂರ, ಕರ್ನಾಟಕ ರಾಜ್ಯ ವಕ್ಫ್ ಮಂಡಳಿಯ ಅಧ್ಯಕ್ಷ ಸೈಯದ್ ಮುಹಮ್ಮದ್ ಅಲಿ ಅಲ್ ಹುಸೇನಿ, ಕಲ್ಯಾಣ ಕರ್ನಾಟಕ ಪ್ರದೇಶ ಅಭಿವೃದ್ಧಿ ಮಂಡಳಿಯ ಅಧ್ಯಕ್ಷ ಅಜಯ್ ಸಿಂಗ್, ಕಲ್ಯಾಣ ಕರ್ನಾಟಕ ರಸ್ತೆ ಸಾರಿಗೆ ನಿಗಮದ ಅಧ್ಯಕ್ಷ ಅರುಣಕುಮಾರ್ ಎಂ.ವೈ. ಪಾಟೀಲ, ಜೆಸ್ಕಾಂ ಅಧ್ಯಕ್ಷ ಪ್ರವೀಣ ಪಾಟೀಲ ಹರವಾಳ, ಕರ್ನಾಟಕ ರಾಜ್ಯ ದ್ವಿದಳ ಧಾನ್ಯ ಅಭಿವೃದ್ಧಿ ಮಂಡಳಿಯ ಅಧ್ಯಕ್ಷ ಸೈಯದ್ ಮಹೆಮೂದ್ ಚಿಸ್ತಿ ಸಾಹೆಬ್, ಗ್ಯಾರಂಟಿ ಯೋಜನೆಗಳ ಅನುಷ್ಠಾನ ಪ್ರಾಧಿಕಾರದ ಜಿಲ್ಲಾ ಅಧ್ಯಕ್ಷೆ ಚಂದ್ರಿಕಾ ಪರಮೇಶ್ವರ್, ಕಲಬುರಗಿ ನಗರಾಭಿವೃದ್ಧಿ ಪ್ರಾಧಿಕಾರದ ಅಧ್ಯಕ್ಷ ಮಜರ್ ಆಲಂ ಖಾನ್, ಕಲಬುರಗಿ ಮಹಾನಗರ ಪಾಲಿಕೆ ಮಹಾಪೌರ ಶೇಖ್ ಅಜ್ಮಲ್ ಅಫ್ಜಲ್ ಗೋಲಾ ಅವರು ಮುಖ್ಯ ಅತಿಥಿಗಳಾಗಿ ಪಾಲ್ಗೊಳ್ಳುವರು.
ಮಂಗಳೂರು ಕೆಆರ್‌ಐಡಿಎಲ್ ಕಮಿಷನ್ ಆರೋಪ: ಸಚಿವ ಈಶ್ವರ್ ಖಂಡ್ರೆಯಿಂದ ತನಿಖೆಗೆ ಆದೇಶ; KRIDL ಸ್ಪಷ್ಟನೆ ಹೀಗಿದೆ
ದೂರ ದೃಷ್ಟಿ ವಾರ್ತಾ ಮಂಗಳೂರು: ಮಂಗಳೂರು ಕೆಆರ್‌ಐಡಿಎಲ್ (ಕರ್ನಾಟಕ ಗ್ರಾಮೀಣ ಮೂಲಸೌಕರ್ಯ ಅಭಿವೃದ್ಧಿ ನಿಯಮಿತ) ವಿಭಾಗದಲ್ಲಿ ಸಚಿವರ ಹೆಸರಿನಲ್ಲಿ ಕಮಿಷನ್ ವಸೂಲಿ ಮಾಡಲಾಗುತ್ತಿದೆ ಎಂಬ ಪುತ್ತೂರು ಶಾಸಕ ಅಶೋಕ್ ಕುಮಾರ್ ರೈ ಮಾಡಿರುವ ಆರೋಪಕ್ಕೆ ಸಂಬಂಧಿಸಿದಂತೆ ಗ್ರಾಮೀಣಾಭಿವೃದ್ಧಿ ಮತ್ತು ಪಂಚಾಯತ್ ರಾಜ್ ಸಚಿವ ಈಶ್ವರ್ ಬಿ. ಖಂಡ್ರೆ ಅವರು ತ್ವರಿತ ತನಿಖೆಗೆ ಆದೇಶಿಸಿದ್ದಾರೆ. ಮತ್ತೊಂದೆಡೆ, ಶಾಸಕರ ಆರೋಪಕ್ಕೆ ಸ್ಪಷ್ಟನೆ ನೀಡಿರುವ ಕೆಆರ್‌ಐಡಿಎಲ್ ವ್ಯವಸ್ಥಾಪಕ ನಿರ್ದೇಶಕರು, "ಶೇ. 7ರಷ್ಟು ಮೊತ್ತವನ್ನು ಕಮಿಷನ್ ರೂಪದಲ್ಲಲ್ಲ, ನಿಯಮಾನುಸಾರ ಜಾಬ್ ಸೇವಿಂಗ್ ಹೆಸರಿನಲ್ಲಿ ನಿಗಮದ ಖಾತೆಗೆ ಕಡಿತಗೊಳಿಸಲಾಗುತ್ತದೆ" ಎಂದು ಪತ್ರಿಕಾ ಪ್ರಕಟಣೆ ಹೊರಡಿಸಿದ್ದಾರೆ. ಸೂಪರಿಂಟೆಂಡೆಂಟ್ ಎಂಜಿನಿಯರ್ ನೇತೃತ್ವದ ಸಮಿತಿಯಿಂದ ತನಿಖೆ ಸಚಿವರ ಸೂಚನೆ: ಮಂಗಳೂರು ಕೆಆರ್‌ಐಡಿಎಲ್ ವಿಭಾಗದ ಕಾರ್ಯನಿರ್ವಾಹಕ ಎಂಜಿನಿಯರ್ ಹಾಗೂ ಕಿರಿಯ ಎಂಜಿನಿಯರ್‌ಗಳು ಭ್ರಷ್ಟಾಚಾರ ನಡೆಸಿ ಗುತ್ತಿಗೆದಾರರಿಗೆ ಬೆದರಿಕೆ ಹಾಕುತ್ತಿದ್ದಾರೆ ಎಂದು ಶಾಸಕ ಅಶೋಕ್ ಕುಮಾರ್ ರೈ ಅವರು ಮುಖ್ಯಮಂತ್ರಿಗಳಿಗೆ ಪತ್ರ ಬರೆದಿದ್ದರು. ಮಾಧ್ಯಮಗಳಲ್ಲೂ "ಸಚಿವರ ಹೆಸರಲ್ಲೇ ಶೇ. 7ರಷ್ಟು ಕಮಿಷನ್ ವಸೂಲಿ" ಎಂಬ ವರದಿ ಪ್ರಕಟವಾಗಿದ್ದನ್ನು ಸರ್ಕಾರ ಗಂಭೀರವಾಗಿ ಪರಿಗಣಿಸಿದೆ. ಈ ಕುರಿತು ಟಿಪ್ಪಣಿ ಹೊರಡಿಸಿರುವ ಸಚಿವ ಈಶ್ವರ್ ಖಂಡ್ರೆ ಅವರು, "ಉಸ್ತುವಾರಿ ಸಚಿವರು ಅಥವಾ ಇಲಾಖಾ ಸಚಿವರ ಹೆಸರಿನಲ್ಲಿ ಯಾವುದೇ ಸಿಬ್ಬಂದಿ, ಅಧಿಕಾರಿಗಳು ಹಣ ವಸೂಲಿ ಮಾಡಿದರೆ ನಿರ್ದಾಕ್ಷಿಣ್ಯವಾಗಿ ಕಠಿಣ ಶಿಸ್ತು ಕ್ರಮ ಜರುಗಿಸಲಾಗುವುದು" ಎಂದು ತಿಳಿಸಿದ್ದಾರೆ. ಮಂಗಳೂರು ವಿಭಾಗದ ಎಂಜಿನಿಯರ್‌ಗಳು ಭ್ರಷ್ಟಾಚಾರದಲ್ಲಿ ತೊಡಗಿದ್ದಾರೆಯೇ ಮತ್ತು ಶಾಸಕರ ಆರೋಪದಲ್ಲಿ ಸತ್ಯಾಂಶವಿದೆಯೇ ಎಂಬುದರ ಕುರಿತು ಸೂಪರಿಂಟೆಂಡೆಂಟ್ ಎಂಜಿನಿಯರ್ ದರ್ಜೆಯ ಅಧಿಕಾರಿ ನೇತೃತ್ವದ ತ್ರಿಸದಸ್ಯ ತಂಡದಿಂದ ತನಿಖೆ ನಡೆಸಿ, ಶಿಸ್ತು ಕ್ರಮದ ಶಿಫಾರಸಿನೊಂದಿಗೆ 7 ದಿನಗಳ ಒಳಗಾಗಿ ವರದಿ ಸಲ್ಲಿಸುವಂತೆ ಗ್ರಾಮೀಣಾಭಿವೃದ್ಧಿ ಇಲಾಖೆಯ ಕಾರ್ಯದರ್ಶಿಯವರಿಗೆ ನಿರ್ದೇಶನ ನೀಡಿದ್ದಾರೆ.
